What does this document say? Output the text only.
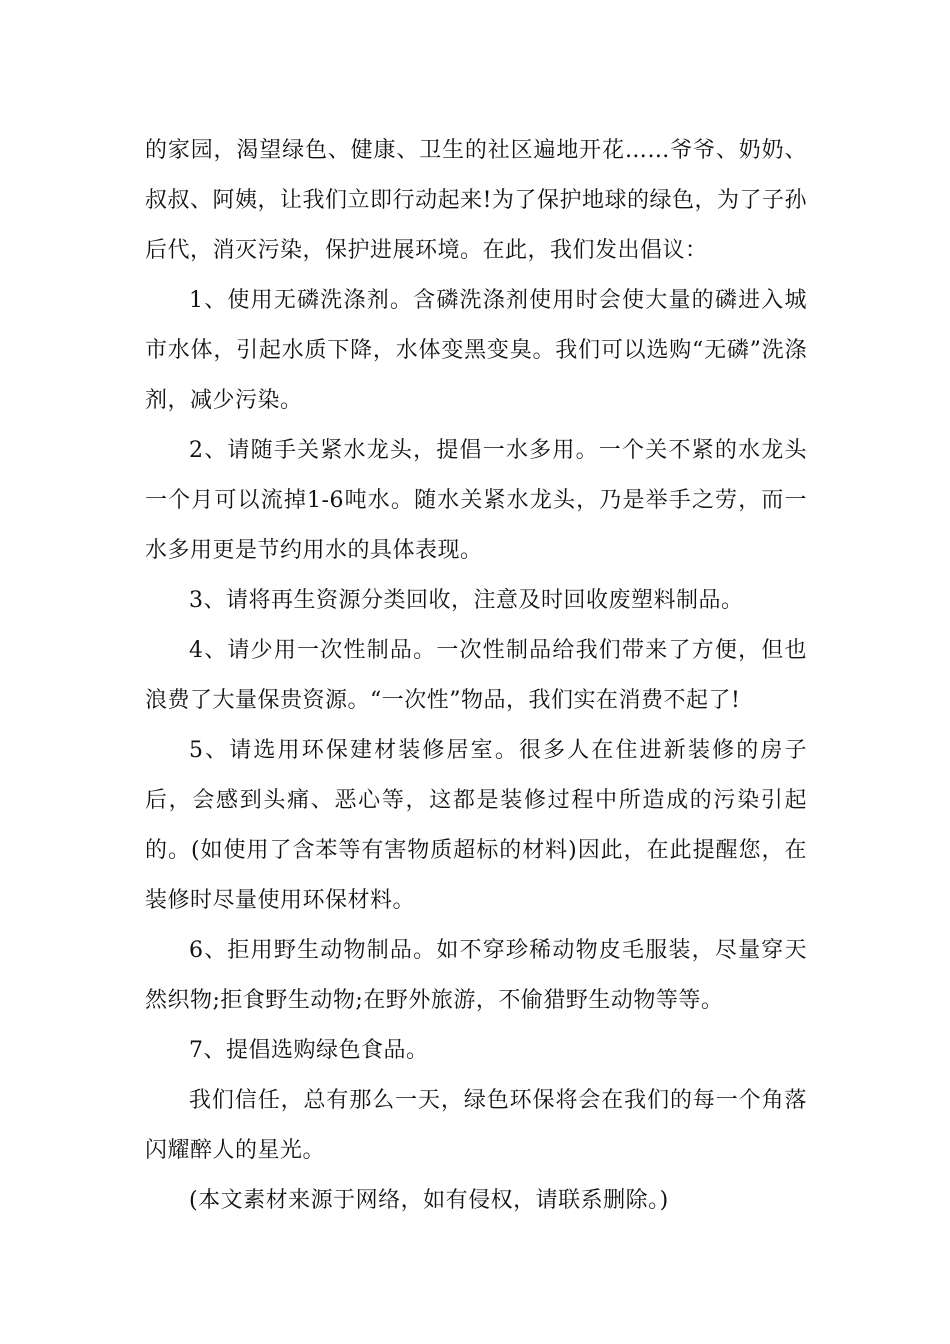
的家园，渴望绿色、健康、卫生的社区遍地开花……爷爷、奶奶、叔叔、阿姨，让我们立即行动起来!为了保护地球的绿色，为了子孙后代，消灭污染，保护进展环境。在此，我们发出倡议：

1、使用无磷洗涤剂。含磷洗涤剂使用时会使大量的磷进入城市水体，引起水质下降，水体变黑变臭。我们可以选购“无磷”洗涤剂，减少污染。

2、请随手关紧水龙头，提倡一水多用。一个关不紧的水龙头一个月可以流掉1-6吨水。随水关紧水龙头，乃是举手之劳，而一水多用更是节约用水的具体表现。

3、请将再生资源分类回收，注意及时回收废塑料制品。

4、请少用一次性制品。一次性制品给我们带来了方便，但也浪费了大量保贵资源。“一次性”物品，我们实在消费不起了!

5、请选用环保建材装修居室。很多人在住进新装修的房子后，会感到头痛、恶心等，这都是装修过程中所造成的污染引起的。(如使用了含苯等有害物质超标的材料)因此，在此提醒您，在装修时尽量使用环保材料。

6、拒用野生动物制品。如不穿珍稀动物皮毛服装，尽量穿天然织物;拒食野生动物;在野外旅游，不偷猎野生动物等等。

7、提倡选购绿色食品。

我们信任，总有那么一天，绿色环保将会在我们的每一个角落闪耀醉人的星光。

(本文素材来源于网络，如有侵权，请联系删除。)
